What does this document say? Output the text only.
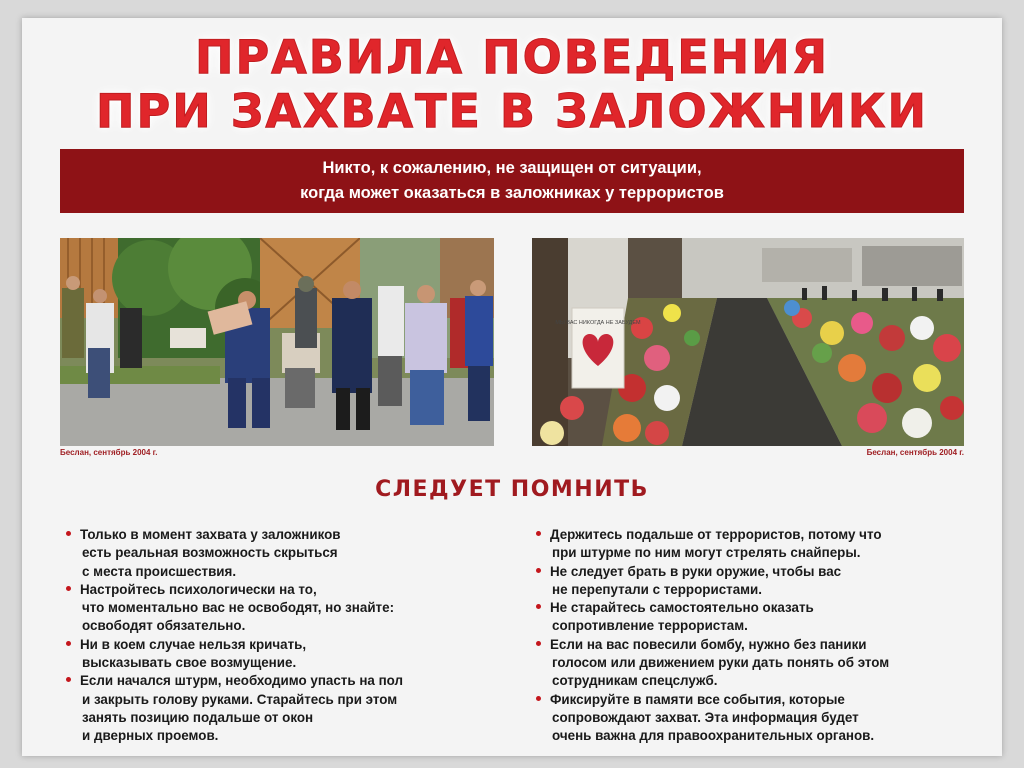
ПРАВИЛА ПОВЕДЕНИЯ
ПРИ ЗАХВАТЕ В ЗАЛОЖНИКИ
Никто, к сожалению, не защищен от ситуации,
когда может оказаться в заложниках у террористов
МЫ ВАС НИКОГДА НЕ ЗАБУДЕМ
Беслан, сентябрь 2004 г.	Беслан, сентябрь 2004 г.
СЛЕДУЕТ ПОМНИТЬ
Только в момент захвата у заложников
есть реальная возможность скрыться
с места происшествия.
Настройтесь психологически на то,
что моментально вас не освободят, но знайте:
освободят обязательно.
Ни в коем случае нельзя кричать,
высказывать свое возмущение.
Если начался штурм, необходимо упасть на пол
и закрыть голову руками. Старайтесь при этом
занять позицию подальше от окон
и дверных проемов.
Держитесь подальше от террористов, потому что
при штурме по ним могут стрелять снайперы.
Не следует брать в руки оружие, чтобы вас
не перепутали с террористами.
Не старайтесь самостоятельно оказать
сопротивление террористам.
Если на вас повесили бомбу, нужно без паники
голосом или движением руки дать понять об этом
сотрудникам спецслужб.
Фиксируйте в памяти все события, которые
сопровождают захват. Эта информация будет
очень важна для правоохранительных органов.
